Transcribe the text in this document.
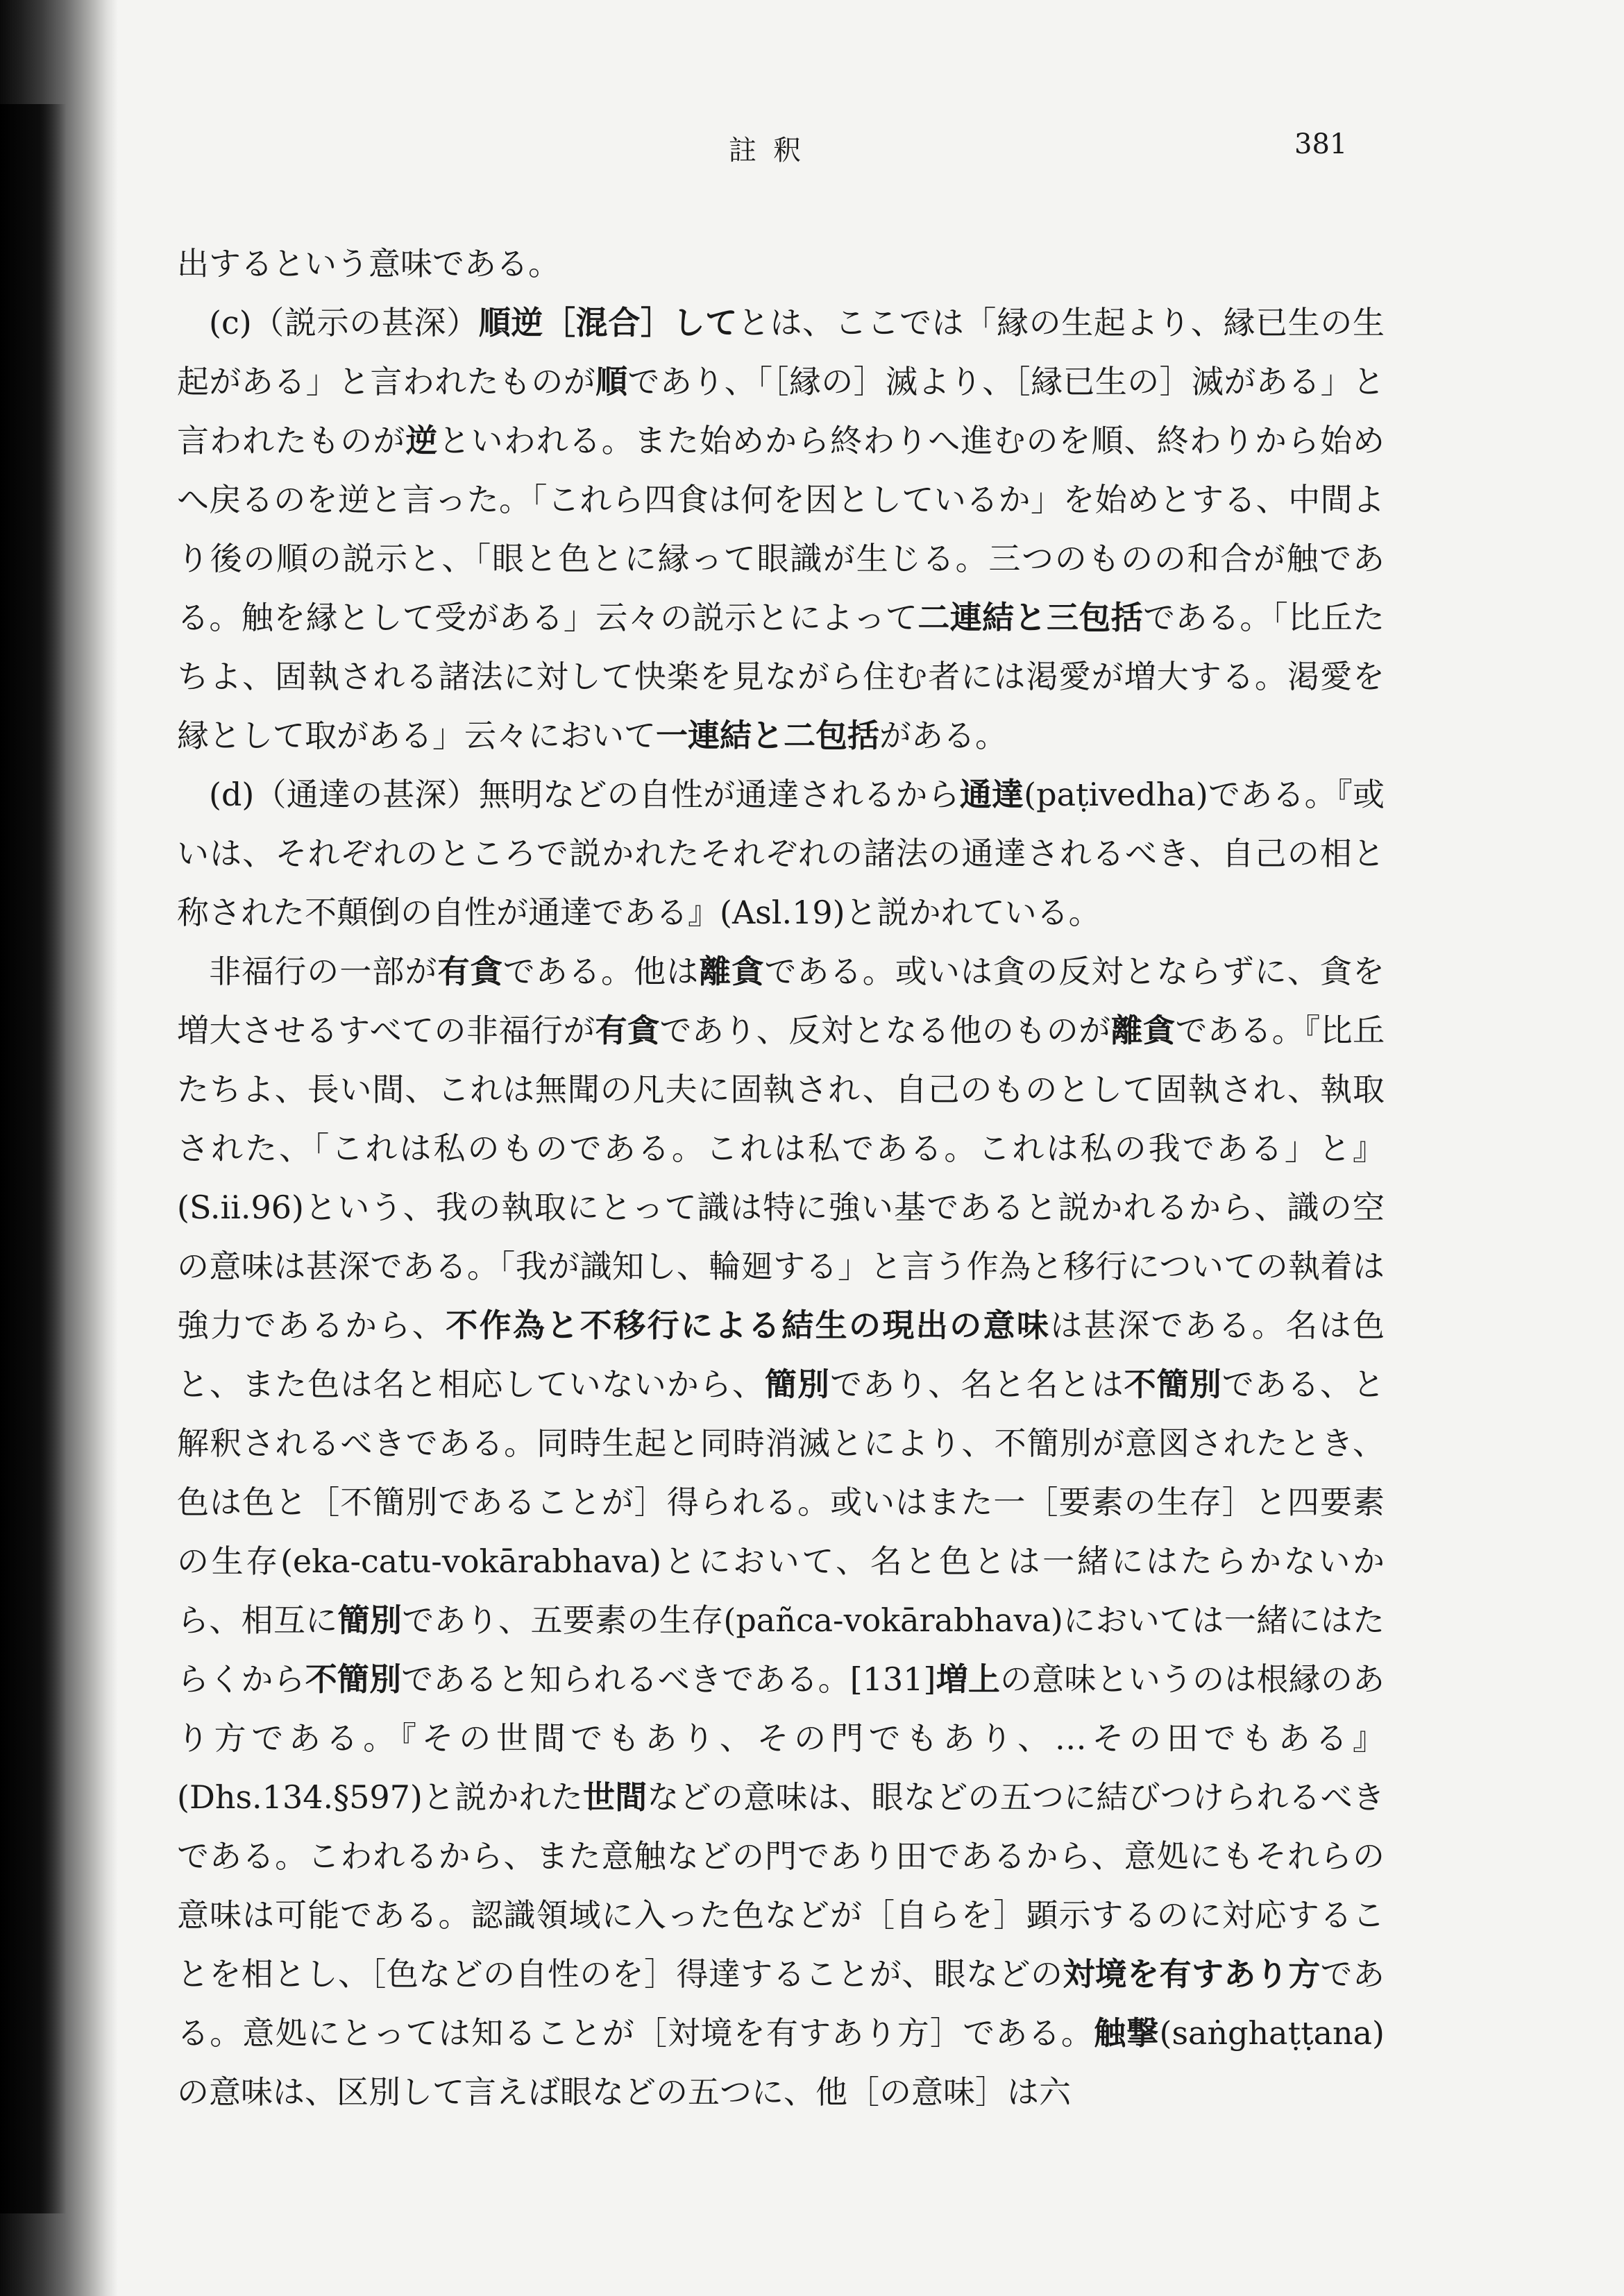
註釈	381

出するという意味である。

(c)（説示の甚深）順逆［混合］してとは、ここでは「縁の生起より、縁已生の生起がある」と言われたものが順であり、「［縁の］滅より、［縁已生の］滅がある」と言われたものが逆といわれる。また始めから終わりへ進むのを順、終わりから始めへ戻るのを逆と言った。「これら四食は何を因としているか」を始めとする、中間より後の順の説示と、「眼と色とに縁って眼識が生じる。三つのものの和合が触である。触を縁として受がある」云々の説示とによって二連結と三包括である。「比丘たちよ、固執される諸法に対して快楽を見ながら住む者には渇愛が増大する。渇愛を縁として取がある」云々において一連結と二包括がある。

(d)（通達の甚深）無明などの自性が通達されるから通達(paṭivedha)である。『或いは、それぞれのところで説かれたそれぞれの諸法の通達されるべき、自己の相と称された不顛倒の自性が通達である』(Asl.19)と説かれている。

非福行の一部が有貪である。他は離貪である。或いは貪の反対とならずに、貪を増大させるすべての非福行が有貪であり、反対となる他のものが離貪である。『比丘たちよ、長い間、これは無聞の凡夫に固執され、自己のものとして固執され、執取された、「これは私のものである。これは私である。これは私の我である」と』(S.ii.96)という、我の執取にとって識は特に強い基であると説かれるから、識の空の意味は甚深である。「我が識知し、輪廻する」と言う作為と移行についての執着は強力であるから、不作為と不移行による結生の現出の意味は甚深である。名は色と、また色は名と相応していないから、簡別であり、名と名とは不簡別である、と解釈されるべきである。同時生起と同時消滅とにより、不簡別が意図されたとき、色は色と［不簡別であることが］得られる。或いはまた一［要素の生存］と四要素の生存(eka-catu-vokārabhava)とにおいて、名と色とは一緒にはたらかないから、相互に簡別であり、五要素の生存(pañca-vokārabhava)においては一緒にはたらくから不簡別であると知られるべきである。[131]増上の意味というのは根縁のあり方である。『その世間でもあり、その門でもあり、…その田でもある』(Dhs.134.§597)と説かれた世間などの意味は、眼などの五つに結びつけられるべきである。こわれるから、また意触などの門であり田であるから、意処にもそれらの意味は可能である。認識領域に入った色などが［自らを］顕示するのに対応することを相とし、［色などの自性のを］得達することが、眼などの対境を有すあり方である。意処にとっては知ることが［対境を有すあり方］である。触撃(saṅghaṭṭana)の意味は、区別して言えば眼などの五つに、他［の意味］は六
